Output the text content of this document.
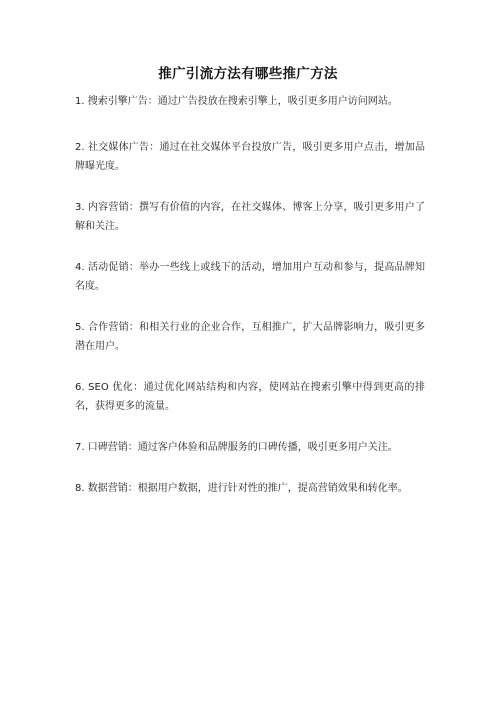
推广引流方法有哪些推广方法
1. 搜索引擎广告：通过广告投放在搜索引擎上，吸引更多用户访问网站。
2. 社交媒体广告：通过在社交媒体平台投放广告，吸引更多用户点击，增加品牌曝光度。
3. 内容营销：撰写有价值的内容，在社交媒体、博客上分享，吸引更多用户了解和关注。
4. 活动促销：举办一些线上或线下的活动，增加用户互动和参与，提高品牌知名度。
5. 合作营销：和相关行业的企业合作，互相推广，扩大品牌影响力，吸引更多潜在用户。
6. SEO 优化：通过优化网站结构和内容，使网站在搜索引擎中得到更高的排名，获得更多的流量。
7. 口碑营销：通过客户体验和品牌服务的口碑传播，吸引更多用户关注。
8. 数据营销：根据用户数据，进行针对性的推广，提高营销效果和转化率。
